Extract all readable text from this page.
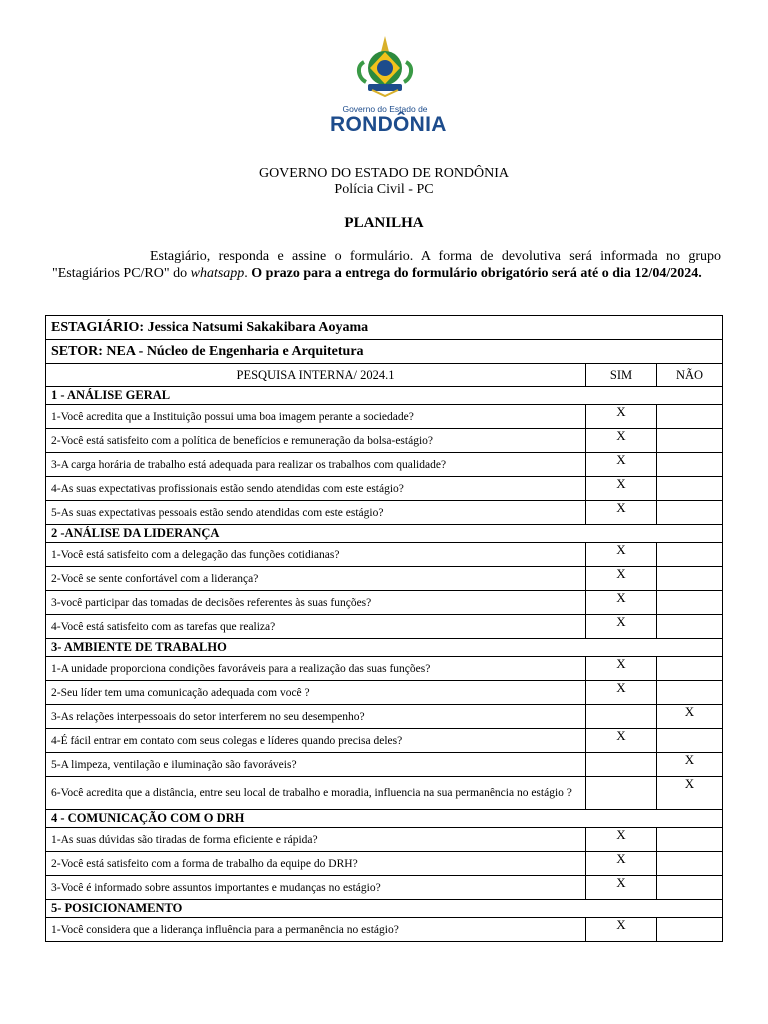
Governo do Estado de
RONDÔNIA
GOVERNO DO ESTADO DE RONDÔNIA
Polícia Civil - PC
PLANILHA
Estagiário, responda e assine o formulário. A forma de devolutiva será informada no grupo "Estagiários PC/RO" do whatsapp. O prazo para a entrega do formulário obrigatório será até o dia 12/04/2024.
ESTAGIÁRIO: Jessica Natsumi Sakakibara Aoyama		
SETOR: NEA - Núcleo de Engenharia e Arquitetura		
PESQUISA INTERNA/ 2024.1	SIM	NÃO
1 - ANÁLISE GERAL		
1-Você acredita que a Instituição possui uma boa imagem perante a sociedade?	X	
2-Você está satisfeito com a política de benefícios e remuneração da bolsa-estágio?	X	
3-A carga horária de trabalho está adequada para realizar os trabalhos com qualidade?	X	
4-As suas expectativas profissionais estão sendo atendidas com este estágio?	X	
5-As suas expectativas pessoais estão sendo atendidas com este estágio?	X	
2 -ANÁLISE DA LIDERANÇA		
1-Você está satisfeito com a delegação das funções cotidianas?	X	
2-Você se sente confortável com a liderança?	X	
3-você participar das tomadas de decisões referentes às suas funções?	X	
4-Você está satisfeito com as tarefas que realiza?	X	
3- AMBIENTE DE TRABALHO		
1-A unidade proporciona condições favoráveis para a realização das suas funções?	X	
2-Seu líder tem uma comunicação adequada com você ?	X	
3-As relações interpessoais do setor interferem no seu desempenho?		X
4-É fácil entrar em contato com seus colegas e líderes quando precisa deles?	X	
5-A limpeza, ventilação e iluminação são favoráveis?		X
6-Você acredita que a distância, entre seu local de trabalho e moradia, influencia na sua permanência no estágio ?		X
4 - COMUNICAÇÃO COM O DRH		
1-As suas dúvidas são tiradas de forma eficiente e rápida?	X	
2-Você está satisfeito com a forma de trabalho da equipe do DRH?	X	
3-Você é informado sobre assuntos importantes e mudanças no estágio?	X	
5- POSICIONAMENTO		
1-Você considera que a liderança influência para a permanência no estágio?	X	
